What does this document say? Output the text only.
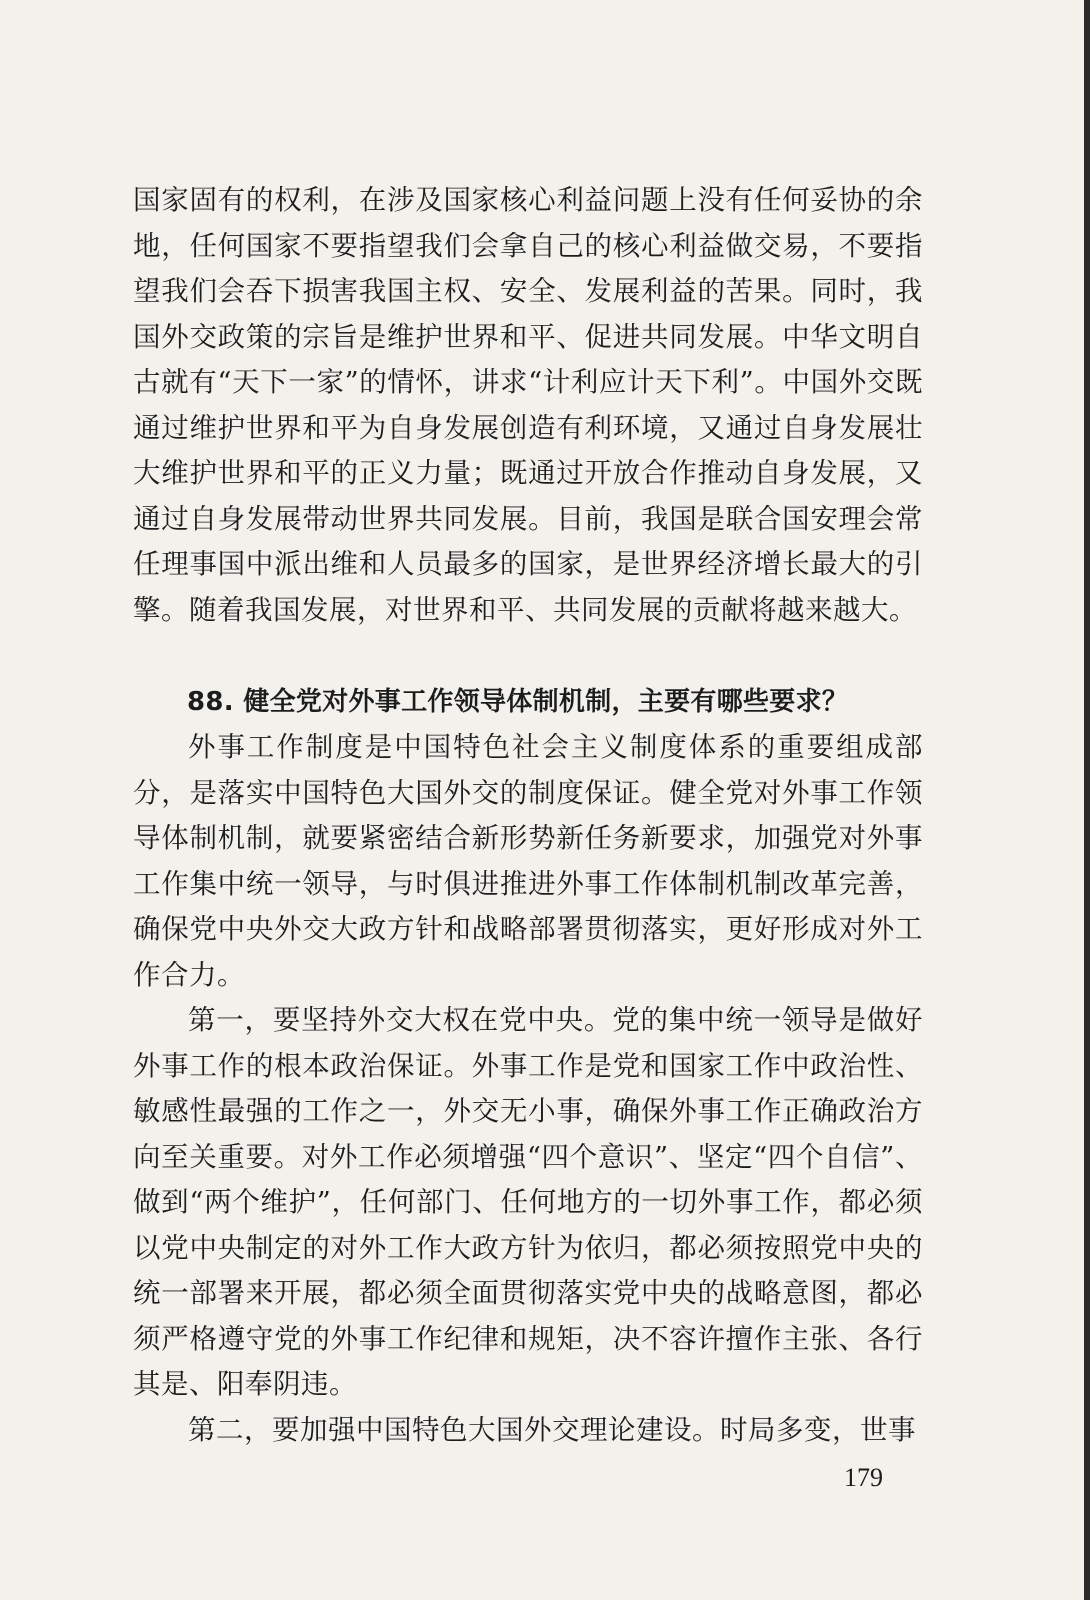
国家固有的权利，在涉及国家核心利益问题上没有任何妥协的余地，任何国家不要指望我们会拿自己的核心利益做交易，不要指望我们会吞下损害我国主权、安全、发展利益的苦果。同时，我国外交政策的宗旨是维护世界和平、促进共同发展。中华文明自古就有“天下一家”的情怀，讲求“计利应计天下利”。中国外交既通过维护世界和平为自身发展创造有利环境，又通过自身发展壮大维护世界和平的正义力量；既通过开放合作推动自身发展，又通过自身发展带动世界共同发展。目前，我国是联合国安理会常任理事国中派出维和人员最多的国家，是世界经济增长最大的引擎。随着我国发展，对世界和平、共同发展的贡献将越来越大。

88. 健全党对外事工作领导体制机制，主要有哪些要求？

外事工作制度是中国特色社会主义制度体系的重要组成部分，是落实中国特色大国外交的制度保证。健全党对外事工作领导体制机制，就要紧密结合新形势新任务新要求，加强党对外事工作集中统一领导，与时俱进推进外事工作体制机制改革完善，确保党中央外交大政方针和战略部署贯彻落实，更好形成对外工作合力。

第一，要坚持外交大权在党中央。党的集中统一领导是做好外事工作的根本政治保证。外事工作是党和国家工作中政治性、敏感性最强的工作之一，外交无小事，确保外事工作正确政治方向至关重要。对外工作必须增强“四个意识”、坚定“四个自信”、做到“两个维护”，任何部门、任何地方的一切外事工作，都必须以党中央制定的对外工作大政方针为依归，都必须按照党中央的统一部署来开展，都必须全面贯彻落实党中央的战略意图，都必须严格遵守党的外事工作纪律和规矩，决不容许擅作主张、各行其是、阳奉阴违。

第二，要加强中国特色大国外交理论建设。时局多变，世事

179
